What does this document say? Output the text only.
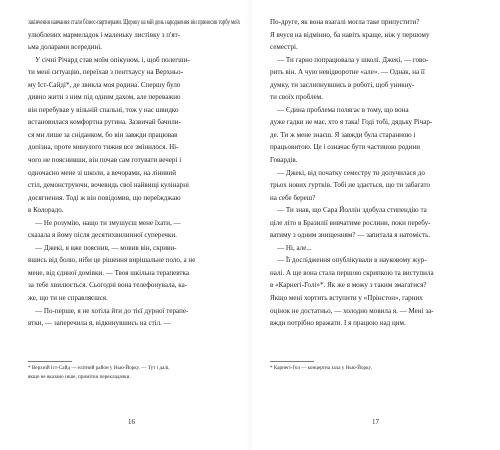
закінчення навчання стали бізнес-партнерами. Щороку на мій день народження він приносив торбу моїх
улюблених мармеладок і маленьку листівку з п'ят-
ьма доларами всередині.
У січні Річард став моїм опікуном, і, щоб полегши-
ти мені ситуацію, переїхав з пентхаусу на Верхньо-
му Іст-Сайді*, де звикла моя родина. Спершу було
дивно жити з ним під одним дахом, але переважно
він перебував у вільній спальні, тож у нас швидко
встановилася комфортна рутина. Зазвичай бачили-
ся ми лише за сніданком, бо він завжди працював
допізна, проте минулого тижня все змінилося. Ні-
чого не пояснивши, він почав сам готувати вечері і
одночасно мене зі школи, а вечорами, на лінивий
стіл, демонструючи, вочевидь свої найвищі кулінарні
досягнення. Тоді ж він повідомив, що переїжджаю
в Колорадо.
— Не розумію, нащо ти змушуєш мене їхати, —
сказала я йому після десятихвилинної суперечки.
— Джекі, я вже пояснив, — мовив він, скриви-
вшись від болю, ніби це рішення вирішальне поло, а не
мене, від єдиної домівки. — Твоя шкільна терапевтка
за тебе хвилюється. Сьогодні вона телефонувала, ка-
же, що ти не справляєшся.
— По-перше, я не хотіла йти до тієї дурної терапе-
втки, — заперечила я, відкинувшись на стіл. —
* Верхній Іст-Сайд — елітний район у Нью-Йорку. — Тут і далі,
якщо не вказано інше, примітки перекладачки.
16
По-друге, як вона взагалі могла таке припустити?
Я вчуся на відмінно, ба навіть краще, ніж у першому
семестрі.
— Ти гарно попрацювала у школі. Джекі, — гово-
рить він. А чую невідворотне «але». — Однак, на її
думку, ти заслипнувшись в роботі, щоб уникну-
ти своїх проблем.
— Єдина проблема полягає в тому, що вона
дуже гадки не має, хто я така! Годі тобі, дядьку Річар-
де. Ти ж мене знаєш. Я завжди була старанною і
працьовитою. Це і означає бути частиною родини
Говардів.
— Джекі, від початку семестру ти долучилася до
трьох нових гуртків. Тобі не здається, що ти забагато
на себе береш?
— Ти знав, що Сара Йоллін здобула стипендію та
ціле літо в Бразилії вивчатиме рослини, поки перебу-
ватиму з одним знищенням? — запитала я натомість.
— Ні, але...
— Її дослідження опублікували в науковому жур-
налі. А ще вона стала першою скрипкою та виступила
в «Карнегі-Голі»*. Як же я можу з таким змагатися?
Якщо мені хортить вступити у «Прінстон», гарних
оцінок не достатньо, — холодно мовила я. — Мені за-
вжди потрібно вражати. І я працюю над цим.
* Карнегі-Гол — концертна зала у Нью-Йорку.
17
